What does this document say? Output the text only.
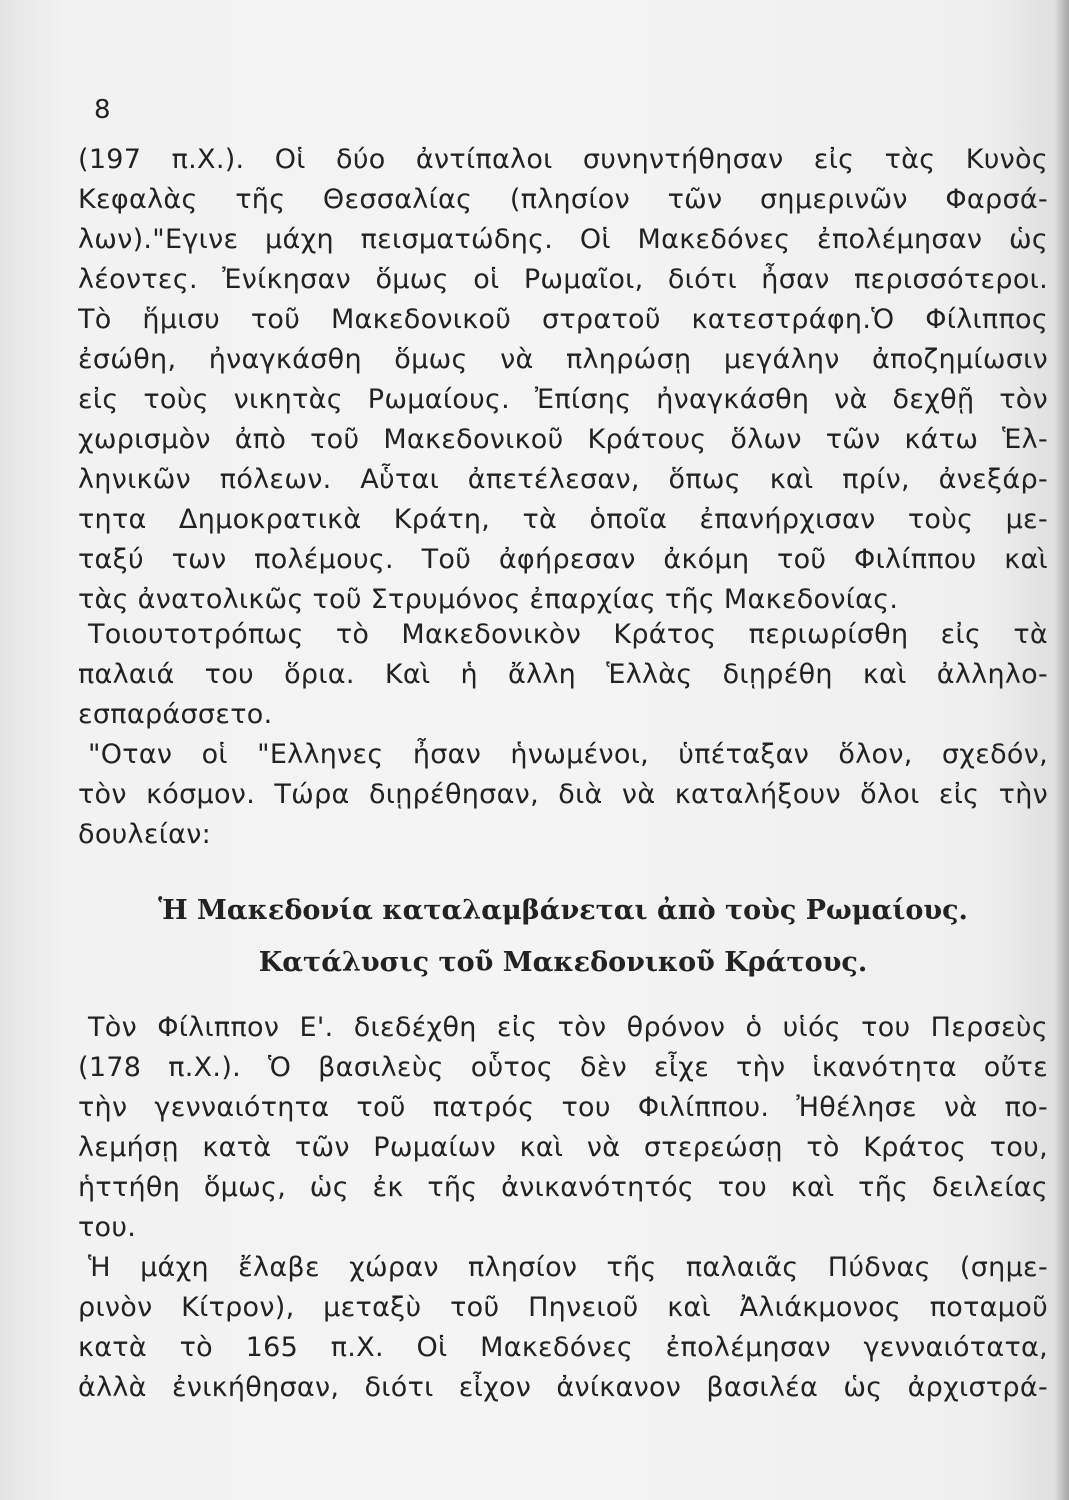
8
(197 π.Χ.). Οἱ δύο ἀντίπαλοι συνηντήθησαν εἰς τὰς Κυνὸς
Κεφαλὰς τῆς Θεσσαλίας (πλησίον τῶν σημερινῶν Φαρσά-
λων)."Εγινε μάχη πεισματώδης. Οἱ Μακεδόνες ἐπολέμησαν ὡς
λέοντες. Ἐνίκησαν ὅμως οἱ Ρωμαῖοι, διότι ἦσαν περισσότεροι.
Τὸ ἥμισυ τοῦ Μακεδονικοῦ στρατοῦ κατεστράφη.Ὁ Φίλιππος
ἐσώθη, ἠναγκάσθη ὅμως νὰ πληρώσῃ μεγάλην ἀποζημίωσιν
εἰς τοὺς νικητὰς Ρωμαίους. Ἐπίσης ἠναγκάσθη νὰ δεχθῇ τὸν
χωρισμὸν ἀπὸ τοῦ Μακεδονικοῦ Κράτους ὅλων τῶν κάτω Ἑλ-
ληνικῶν πόλεων. Αὗται ἀπετέλεσαν, ὅπως καὶ πρίν, ἀνεξάρ-
τητα Δημοκρατικὰ Κράτη, τὰ ὁποῖα ἐπανήρχισαν τοὺς με-
ταξύ των πολέμους. Τοῦ ἀφήρεσαν ἀκόμη τοῦ Φιλίππου καὶ
τὰς ἀνατολικῶς τοῦ Στρυμόνος ἐπαρχίας τῆς Μακεδονίας.
Τοιουτοτρόπως τὸ Μακεδονικὸν Κράτος περιωρίσθη εἰς τὰ
παλαιά του ὅρια. Καὶ ἡ ἄλλη Ἑλλὰς διῃρέθη καὶ ἀλληλο-
εσπαράσσετο.
"Οταν οἱ "Ελληνες ἦσαν ἡνωμένοι, ὑπέταξαν ὅλον, σχεδόν,
τὸν κόσμον. Τώρα διῃρέθησαν, διὰ νὰ καταλήξουν ὅλοι εἰς τὴν
δουλείαν:
Ἡ Μακεδονία καταλαμβάνεται ἀπὸ τοὺς Ρωμαίους.
Κατάλυσις τοῦ Μακεδονικοῦ Κράτους.
Τὸν Φίλιππον Ε'. διεδέχθη εἰς τὸν θρόνον ὁ υἱός του Περσεὺς
(178 π.Χ.). Ὁ βασιλεὺς οὗτος δὲν εἶχε τὴν ἱκανότητα οὔτε
τὴν γενναιότητα τοῦ πατρός του Φιλίππου. Ἠθέλησε νὰ πο-
λεμήσῃ κατὰ τῶν Ρωμαίων καὶ νὰ στερεώσῃ τὸ Κράτος του,
ἡττήθη ὅμως, ὡς ἐκ τῆς ἀνικανότητός του καὶ τῆς δειλείας
του.
Ἡ μάχη ἔλαβε χώραν πλησίον τῆς παλαιᾶς Πύδνας (σημε-
ρινὸν Κίτρον), μεταξὺ τοῦ Πηνειοῦ καὶ Ἀλιάκμονος ποταμοῦ
κατὰ τὸ 165 π.Χ. Οἱ Μακεδόνες ἐπολέμησαν γενναιότατα,
ἀλλὰ ἐνικήθησαν, διότι εἶχον ἀνίκανον βασιλέα ὡς ἀρχιστρά-
